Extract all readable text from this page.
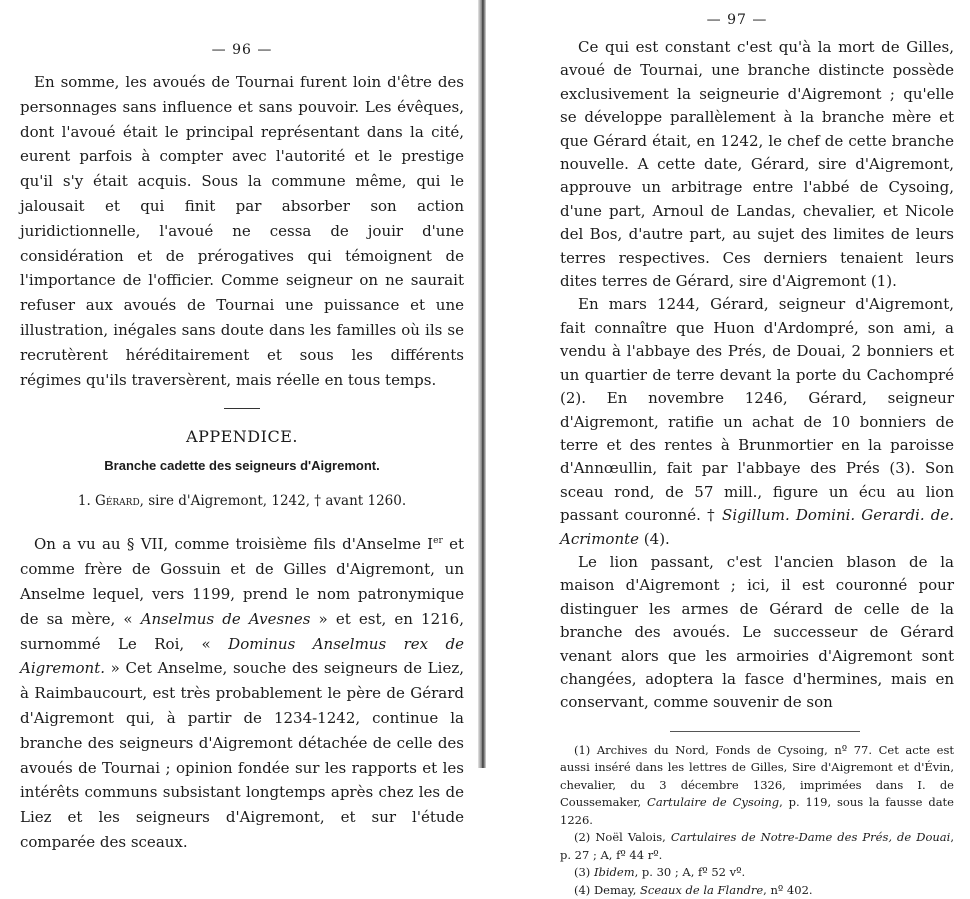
— 96 —

En somme, les avoués de Tournai furent loin d'être des personnages sans influence et sans pouvoir. Les évêques, dont l'avoué était le principal représentant dans la cité, eurent parfois à compter avec l'autorité et le prestige qu'il s'y était acquis. Sous la commune même, qui le jalousait et qui finit par absorber son action juridictionnelle, l'avoué ne cessa de jouir d'une considération et de prérogatives qui témoignent de l'importance de l'officier. Comme seigneur on ne saurait refuser aux avoués de Tournai une puissance et une illustration, inégales sans doute dans les familles où ils se recrutèrent héréditairement et sous les différents régimes qu'ils traversèrent, mais réelle en tous temps.

APPENDICE.

Branche cadette des seigneurs d'Aigremont.

1. Gérard, sire d'Aigremont, 1242, † avant 1260.

On a vu au § VII, comme troisième fils d'Anselme Ier et comme frère de Gossuin et de Gilles d'Aigremont, un Anselme lequel, vers 1199, prend le nom patronymique de sa mère, « Anselmus de Avesnes » et est, en 1216, surnommé Le Roi, « Dominus Anselmus rex de Aigremont. » Cet Anselme, souche des seigneurs de Liez, à Raimbaucourt, est très probablement le père de Gérard d'Aigremont qui, à partir de 1234-1242, continue la branche des seigneurs d'Aigremont détachée de celle des avoués de Tournai ; opinion fondée sur les rapports et les intérêts communs subsistant longtemps après chez les de Liez et les seigneurs d'Aigremont, et sur l'étude comparée des sceaux.

— 97 —

Ce qui est constant c'est qu'à la mort de Gilles, avoué de Tournai, une branche distincte possède exclusivement la seigneurie d'Aigremont ; qu'elle se développe parallèlement à la branche mère et que Gérard était, en 1242, le chef de cette branche nouvelle. A cette date, Gérard, sire d'Aigremont, approuve un arbitrage entre l'abbé de Cysoing, d'une part, Arnoul de Landas, chevalier, et Nicole del Bos, d'autre part, au sujet des limites de leurs terres respectives. Ces derniers tenaient leurs dites terres de Gérard, sire d'Aigremont (1).

En mars 1244, Gérard, seigneur d'Aigremont, fait connaître que Huon d'Ardompré, son ami, a vendu à l'abbaye des Prés, de Douai, 2 bonniers et un quartier de terre devant la porte du Cachompré (2). En novembre 1246, Gérard, seigneur d'Aigremont, ratifie un achat de 10 bonniers de terre et des rentes à Brunmortier en la paroisse d'Annœullin, fait par l'abbaye des Prés (3). Son sceau rond, de 57 mill., figure un écu au lion passant couronné. † Sigillum. Domini. Gerardi. de. Acrimonte (4).

Le lion passant, c'est l'ancien blason de la maison d'Aigremont ; ici, il est couronné pour distinguer les armes de Gérard de celle de la branche des avoués. Le successeur de Gérard venant alors que les armoiries d'Aigremont sont changées, adoptera la fasce d'hermines, mais en conservant, comme souvenir de son

(1) Archives du Nord, Fonds de Cysoing, nº 77. Cet acte est aussi inséré dans les lettres de Gilles, Sire d'Aigremont et d'Évin, chevalier, du 3 décembre 1326, imprimées dans I. de Coussemaker, Cartulaire de Cysoing, p. 119, sous la fausse date 1226.

(2) Noël Valois, Cartulaires de Notre-Dame des Prés, de Douai, p. 27 ; A, fº 44 rº.

(3) Ibidem, p. 30 ; A, fº 52 vº.

(4) Demay, Sceaux de la Flandre, nº 402.
